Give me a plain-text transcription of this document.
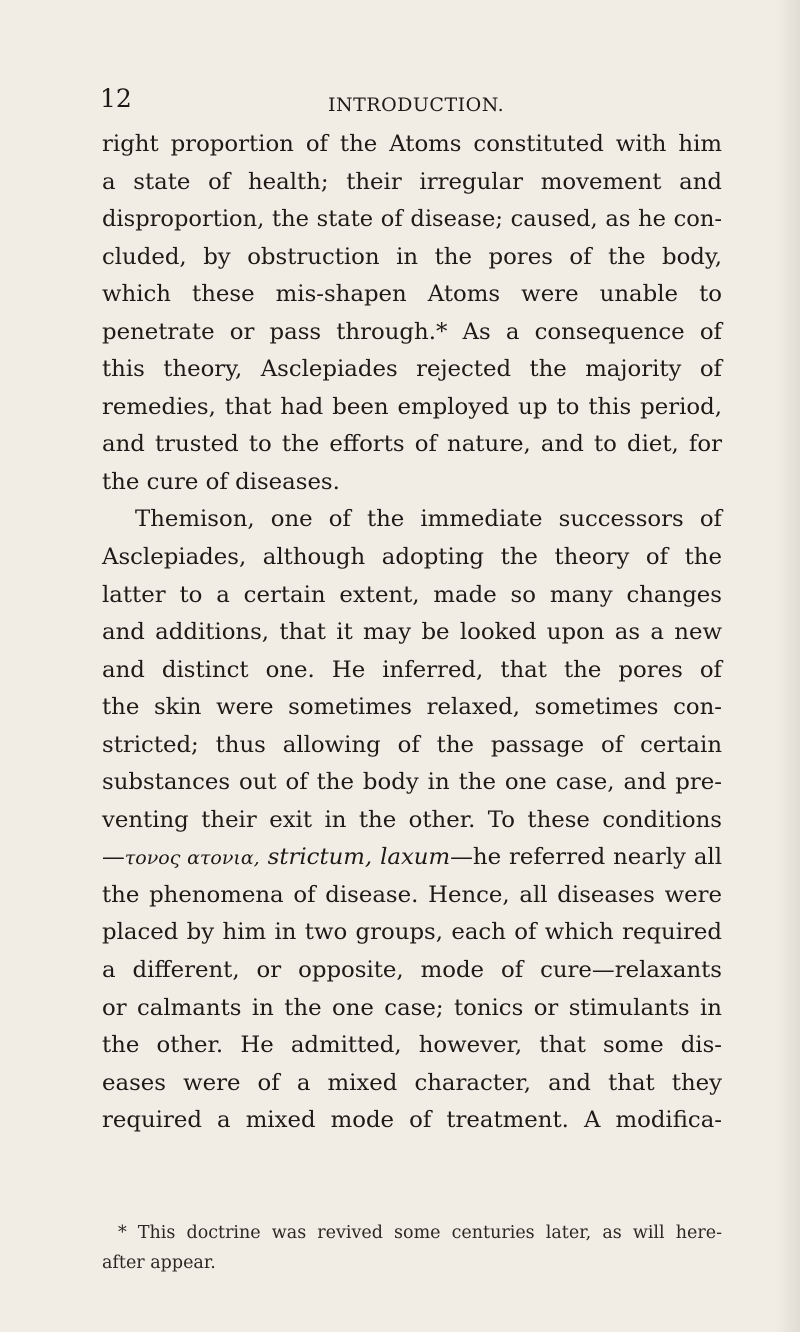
12	INTRODUCTION.
right proportion of the Atoms constituted with him
a state of health; their irregular movement and
disproportion, the state of disease; caused, as he con-
cluded, by obstruction in the pores of the body,
which these mis-shapen Atoms were unable to
penetrate or pass through.* As a consequence of
this theory, Asclepiades rejected the majority of
remedies, that had been employed up to this period,
and trusted to the efforts of nature, and to diet, for
the cure of diseases.
Themison, one of the immediate successors of
Asclepiades, although adopting the theory of the
latter to a certain extent, made so many changes
and additions, that it may be looked upon as a new
and distinct one. He inferred, that the pores of
the skin were sometimes relaxed, sometimes con-
stricted; thus allowing of the passage of certain
substances out of the body in the one case, and pre-
venting their exit in the other. To these conditions
—τονος ατονια, strictum, laxum—he referred nearly all
the phenomena of disease. Hence, all diseases were
placed by him in two groups, each of which required
a different, or opposite, mode of cure—relaxants
or calmants in the one case; tonics or stimulants in
the other. He admitted, however, that some dis-
eases were of a mixed character, and that they
required a mixed mode of treatment. A modifica-
* This doctrine was revived some centuries later, as will here-
after appear.
